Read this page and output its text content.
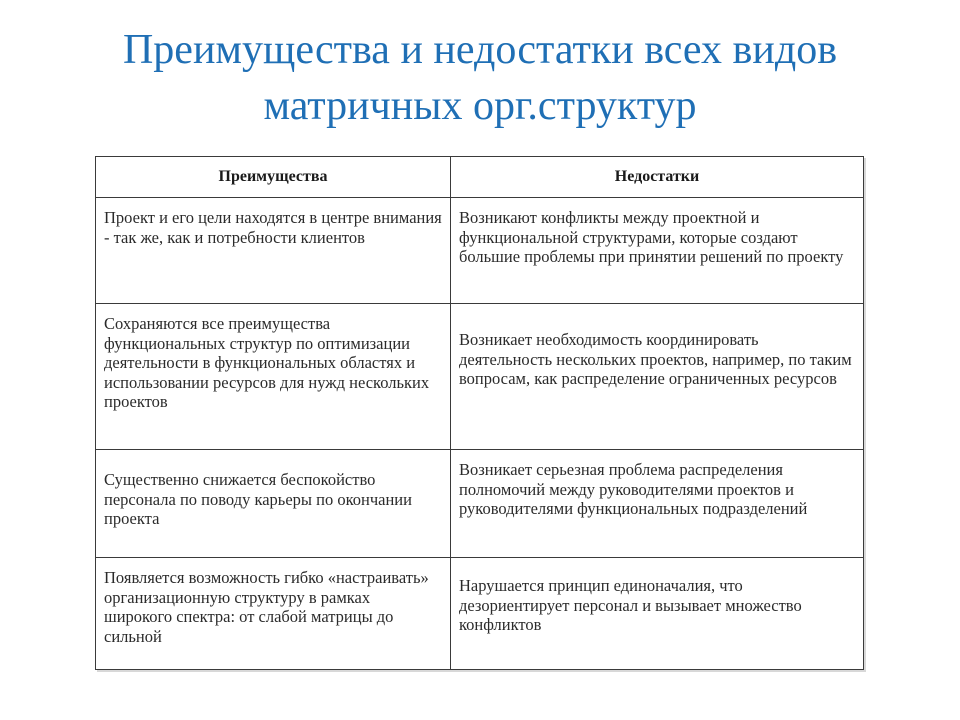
Преимущества и недостатки всех видов
матричных орг.структур
Преимущества	Недостатки
Проект и его цели находятся в центре внимания - так же, как и потребности клиентов	Возникают конфликты между проектной и функциональной структурами, которые создают большие проблемы при принятии решений по проекту
Сохраняются все преимущества функциональных структур по оптимизации деятельности в функциональных областях и использовании ресурсов для нужд нескольких проектов	Возникает необходимость координировать деятельность нескольких проектов, например, по таким вопросам, как распределение ограниченных ресурсов
Существенно снижается беспокойство персонала по поводу карьеры по окончании проекта	Возникает серьезная проблема распределения полномочий между руководителями проектов и руководителями функциональных подразделений
Появляется возможность гибко «настраивать» организационную структуру в рамках широкого спектра: от слабой матрицы до сильной	Нарушается принцип единоначалия, что дезориентирует персонал и вызывает множество конфликтов
